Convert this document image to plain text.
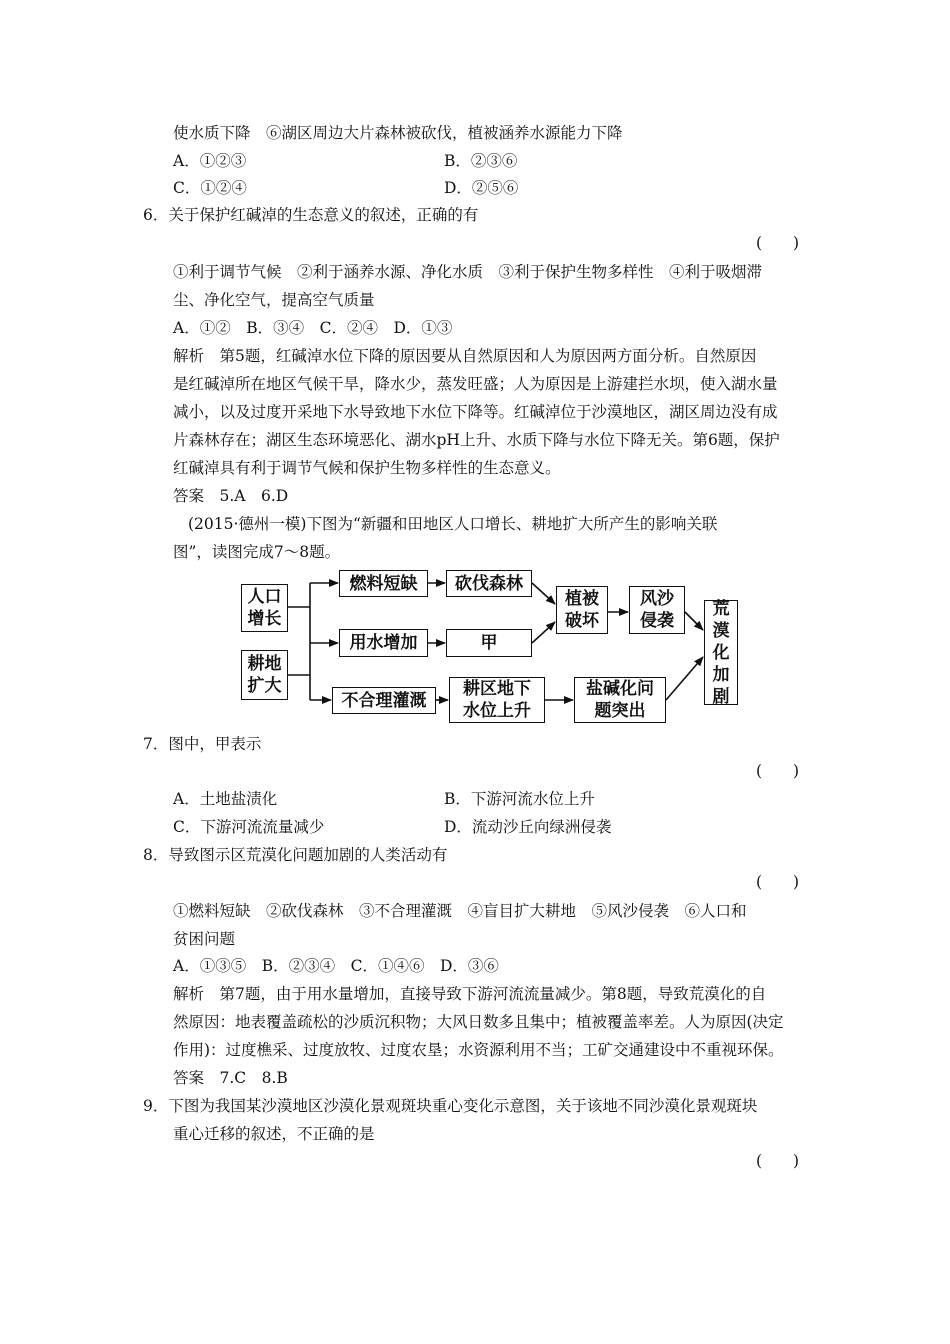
使水质下降　⑥湖区周边大片森林被砍伐，植被涵养水源能力下降
A．①②③	B．②③⑥
C．①②④	D．②⑤⑥
6．关于保护红碱淖的生态意义的叙述，正确的有
(　　)
①利于调节气候　②利于涵养水源、净化水质　③利于保护生物多样性　④利于吸烟滞
尘、净化空气，提高空气质量
A．①②　B．③④　C．②④　D．①③
解析　第5题，红碱淖水位下降的原因要从自然原因和人为原因两方面分析。自然原因
是红碱淖所在地区气候干旱，降水少，蒸发旺盛；人为原因是上游建拦水坝，使入湖水量
减小，以及过度开采地下水导致地下水位下降等。红碱淖位于沙漠地区，湖区周边没有成
片森林存在；湖区生态环境恶化、湖水pH上升、水质下降与水位下降无关。第6题，保护
红碱淖具有利于调节气候和保护生物多样性的生态意义。
答案　5.A　6.D
(2015·德州一模)下图为“新疆和田地区人口增长、耕地扩大所产生的影响关联
图”，读图完成7～8题。
人口
增长
耕地
扩大
燃料短缺
用水增加
不合理灌溉
砍伐森林
甲
耕区地下
水位上升
植被
破坏
风沙
侵袭
盐碱化问
题突出
荒
漠
化
加
剧
7．图中，甲表示
(　　)
A．土地盐渍化	B．下游河流水位上升
C．下游河流流量减少	D．流动沙丘向绿洲侵袭
8．导致图示区荒漠化问题加剧的人类活动有
(　　)
①燃料短缺　②砍伐森林　③不合理灌溉　④盲目扩大耕地　⑤风沙侵袭　⑥人口和
贫困问题
A．①③⑤　B．②③④　C．①④⑥　D．③⑥
解析　第7题，由于用水量增加，直接导致下游河流流量减少。第8题，导致荒漠化的自
然原因：地表覆盖疏松的沙质沉积物；大风日数多且集中；植被覆盖率差。人为原因(决定
作用)：过度樵采、过度放牧、过度农垦；水资源利用不当；工矿交通建设中不重视环保。
答案　7.C　8.B
9．下图为我国某沙漠地区沙漠化景观斑块重心变化示意图，关于该地不同沙漠化景观斑块
重心迁移的叙述，不正确的是
(　　)
